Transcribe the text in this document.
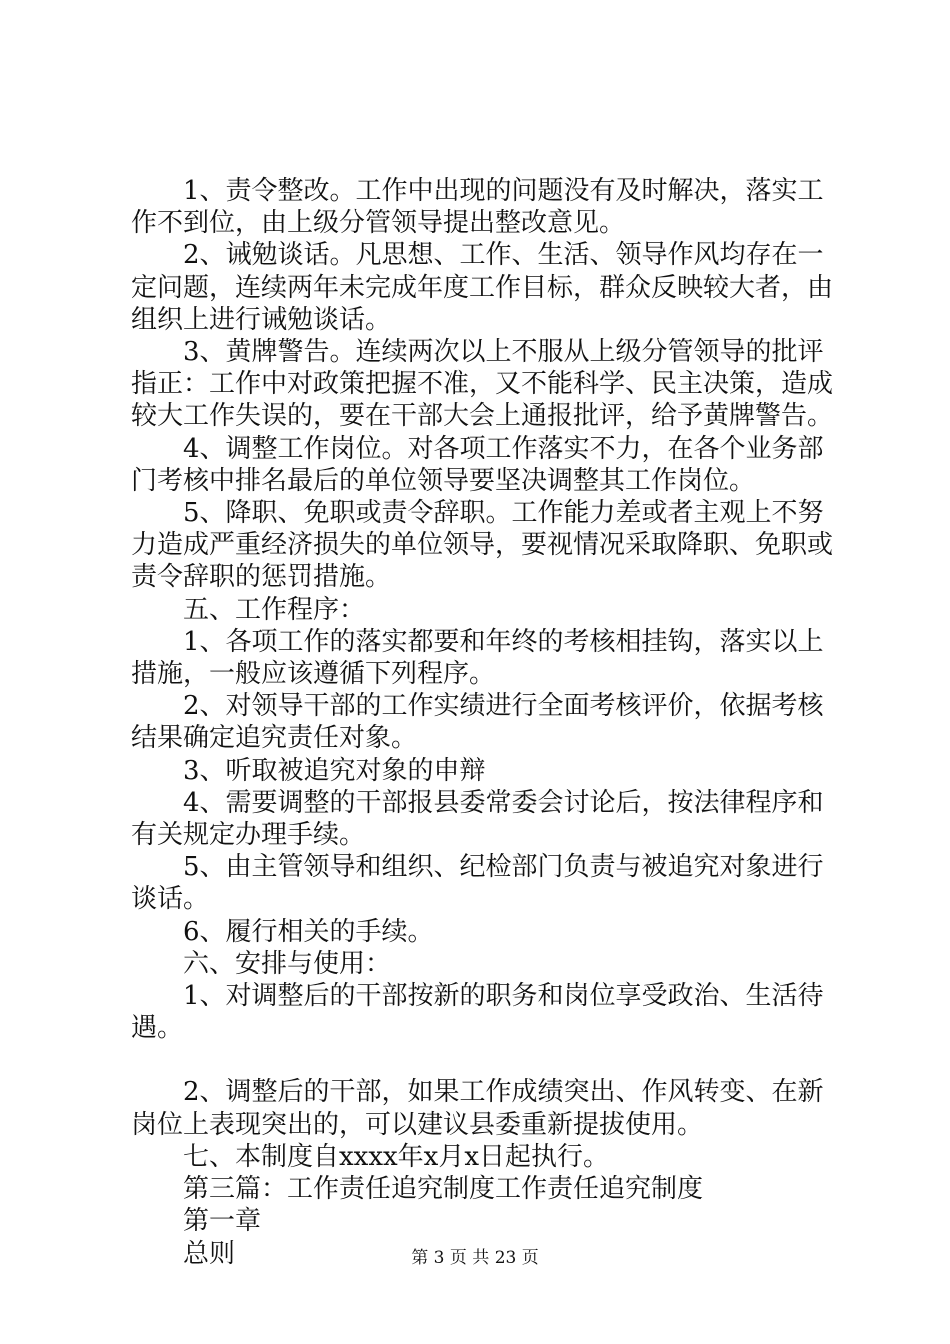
1、责令整改。工作中出现的问题没有及时解决，落实工作不到位，由上级分管领导提出整改意见。

2、诫勉谈话。凡思想、工作、生活、领导作风均存在一定问题，连续两年未完成年度工作目标，群众反映较大者，由组织上进行诫勉谈话。

3、黄牌警告。连续两次以上不服从上级分管领导的批评指正：工作中对政策把握不准，又不能科学、民主决策，造成较大工作失误的，要在干部大会上通报批评，给予黄牌警告。

4、调整工作岗位。对各项工作落实不力，在各个业务部门考核中排名最后的单位领导要坚决调整其工作岗位。

5、降职、免职或责令辞职。工作能力差或者主观上不努力造成严重经济损失的单位领导，要视情况采取降职、免职或责令辞职的惩罚措施。

五、工作程序：

1、各项工作的落实都要和年终的考核相挂钩，落实以上措施，一般应该遵循下列程序。

2、对领导干部的工作实绩进行全面考核评价，依据考核结果确定追究责任对象。

3、听取被追究对象的申辩

4、需要调整的干部报县委常委会讨论后，按法律程序和有关规定办理手续。

5、由主管领导和组织、纪检部门负责与被追究对象进行谈话。

6、履行相关的手续。

六、安排与使用：

1、对调整后的干部按新的职务和岗位享受政治、生活待遇。

2、调整后的干部，如果工作成绩突出、作风转变、在新岗位上表现突出的，可以建议县委重新提拔使用。

七、本制度自xxxx年x月x日起执行。

第三篇：工作责任追究制度工作责任追究制度

第一章

总则	第 3 页 共 23 页
